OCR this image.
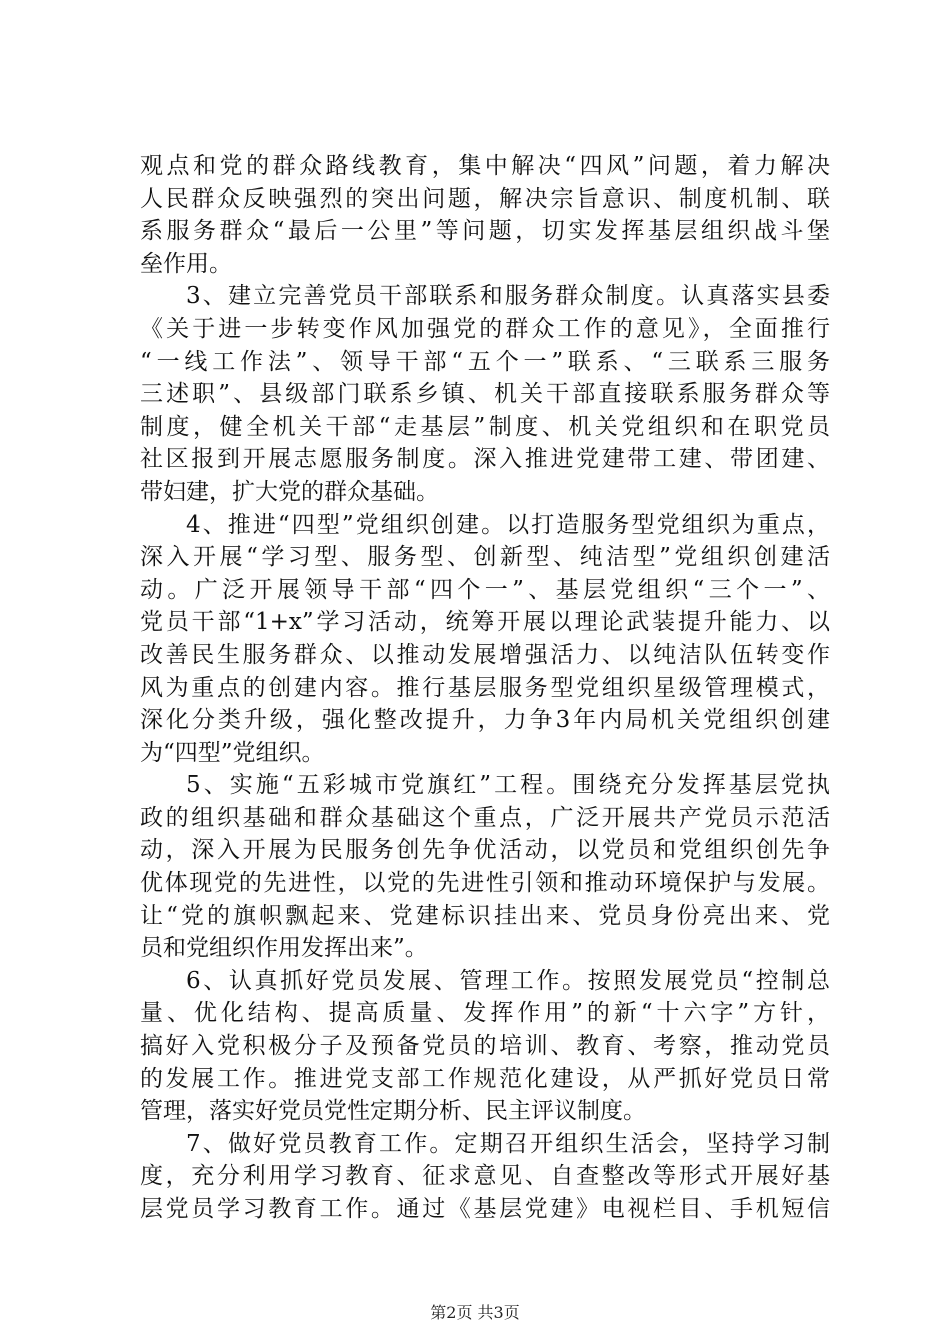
观点和党的群众路线教育，集中解决“四风”问题，着力解决
人民群众反映强烈的突出问题，解决宗旨意识、制度机制、联
系服务群众“最后一公里”等问题，切实发挥基层组织战斗堡
垒作用。
3、建立完善党员干部联系和服务群众制度。认真落实县委
《关于进一步转变作风加强党的群众工作的意见》，全面推行
“一线工作法”、领导干部“五个一”联系、“三联系三服务
三述职”、县级部门联系乡镇、机关干部直接联系服务群众等
制度，健全机关干部“走基层”制度、机关党组织和在职党员
社区报到开展志愿服务制度。深入推进党建带工建、带团建、
带妇建，扩大党的群众基础。
4、推进“四型”党组织创建。以打造服务型党组织为重点，
深入开展“学习型、服务型、创新型、纯洁型”党组织创建活
动。广泛开展领导干部“四个一”、基层党组织“三个一”、
党员干部“1+x”学习活动，统筹开展以理论武装提升能力、以
改善民生服务群众、以推动发展增强活力、以纯洁队伍转变作
风为重点的创建内容。推行基层服务型党组织星级管理模式，
深化分类升级，强化整改提升，力争3年内局机关党组织创建
为“四型”党组织。
5、实施“五彩城市党旗红”工程。围绕充分发挥基层党执
政的组织基础和群众基础这个重点，广泛开展共产党员示范活
动，深入开展为民服务创先争优活动，以党员和党组织创先争
优体现党的先进性，以党的先进性引领和推动环境保护与发展。
让“党的旗帜飘起来、党建标识挂出来、党员身份亮出来、党
员和党组织作用发挥出来”。
6、认真抓好党员发展、管理工作。按照发展党员“控制总
量、优化结构、提高质量、发挥作用”的新“十六字”方针，
搞好入党积极分子及预备党员的培训、教育、考察，推动党员
的发展工作。推进党支部工作规范化建设，从严抓好党员日常
管理，落实好党员党性定期分析、民主评议制度。
7、做好党员教育工作。定期召开组织生活会，坚持学习制
度，充分利用学习教育、征求意见、自查整改等形式开展好基
层党员学习教育工作。通过《基层党建》电视栏目、手机短信
第2页 共3页
